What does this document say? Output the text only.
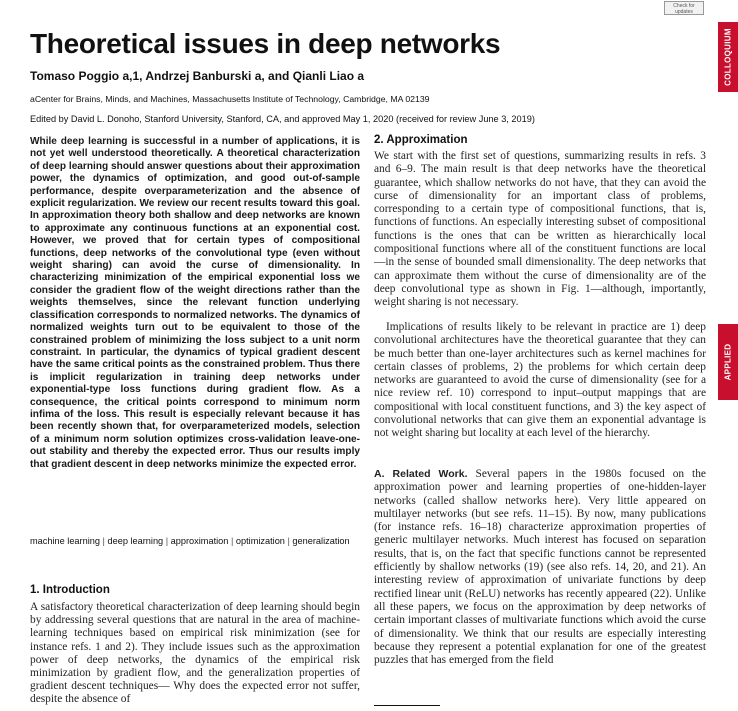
Check for updates
COLLOQUIUM
APPLIED
Theoretical issues in deep networks
Tomaso Poggio a,1, Andrzej Banburski a, and Qianli Liao a
aCenter for Brains, Minds, and Machines, Massachusetts Institute of Technology, Cambridge, MA 02139
Edited by David L. Donoho, Stanford University, Stanford, CA, and approved May 1, 2020 (received for review June 3, 2019)

While deep learning is successful in a number of applications, it is not yet well understood theoretically. A theoretical characterization of deep learning should answer questions about their approximation power, the dynamics of optimization, and good out-of-sample performance, despite overparameterization and the absence of explicit regularization. We review our recent results toward this goal. In approximation theory both shallow and deep networks are known to approximate any continuous functions at an exponential cost. However, we proved that for certain types of compositional functions, deep networks of the convolutional type (even without weight sharing) can avoid the curse of dimensionality. In characterizing minimization of the empirical exponential loss we consider the gradient flow of the weight directions rather than the weights themselves, since the relevant function underlying classification corresponds to normalized networks. The dynamics of normalized weights turn out to be equivalent to those of the constrained problem of minimizing the loss subject to a unit norm constraint. In particular, the dynamics of typical gradient descent have the same critical points as the constrained problem. Thus there is implicit regularization in training deep networks under exponential-type loss functions during gradient flow. As a consequence, the critical points correspond to minimum norm infima of the loss. This result is especially relevant because it has been recently shown that, for overparameterized models, selection of a minimum norm solution optimizes cross-validation leave-one-out stability and thereby the expected error. Thus our results imply that gradient descent in deep networks minimize the expected error.

machine learning | deep learning | approximation | optimization | generalization
1. Introduction

A satisfactory theoretical characterization of deep learning should begin by addressing several questions that are natural in the area of machine-learning techniques based on empirical risk minimization (see for instance refs. 1 and 2). They include issues such as the approximation power of deep networks, the dynamics of the empirical risk minimization by gradient flow, and the generalization properties of gradient descent techniques— Why does the expected error not suffer, despite the absence of

2. Approximation

We start with the first set of questions, summarizing results in refs. 3 and 6–9. The main result is that deep networks have the theoretical guarantee, which shallow networks do not have, that they can avoid the curse of dimensionality for an important class of problems, corresponding to a certain type of compositional functions, that is, functions of functions. An especially interesting subset of compositional functions is the ones that can be written as hierarchically local compositional functions where all of the constituent functions are local—in the sense of bounded small dimensionality. The deep networks that can approximate them without the curse of dimensionality are of the deep convolutional type as shown in Fig. 1—although, importantly, weight sharing is not necessary.

Implications of results likely to be relevant in practice are 1) deep convolutional architectures have the theoretical guarantee that they can be much better than one-layer architectures such as kernel machines for certain classes of problems, 2) the problems for which certain deep networks are guaranteed to avoid the curse of dimensionality (see for a nice review ref. 10) correspond to input–output mappings that are compositional with local constituent functions, and 3) the key aspect of convolutional networks that can give them an exponential advantage is not weight sharing but locality at each level of the hierarchy.

A. Related Work. Several papers in the 1980s focused on the approximation power and learning properties of one-hidden-layer networks (called shallow networks here). Very little appeared on multilayer networks (but see refs. 11–15). By now, many publications (for instance refs. 16–18) characterize approximation properties of generic multilayer networks. Much interest has focused on separation results, that is, on the fact that specific functions cannot be represented efficiently by shallow networks (19) (see also refs. 14, 20, and 21). An interesting review of approximation of univariate functions by deep rectified linear unit (ReLU) networks has recently appeared (22). Unlike all these papers, we focus on the approximation by deep networks of certain important classes of multivariate functions which avoid the curse of dimensionality. We think that our results are especially interesting because they represent a potential explanation for one of the greatest puzzles that has emerged from the field
